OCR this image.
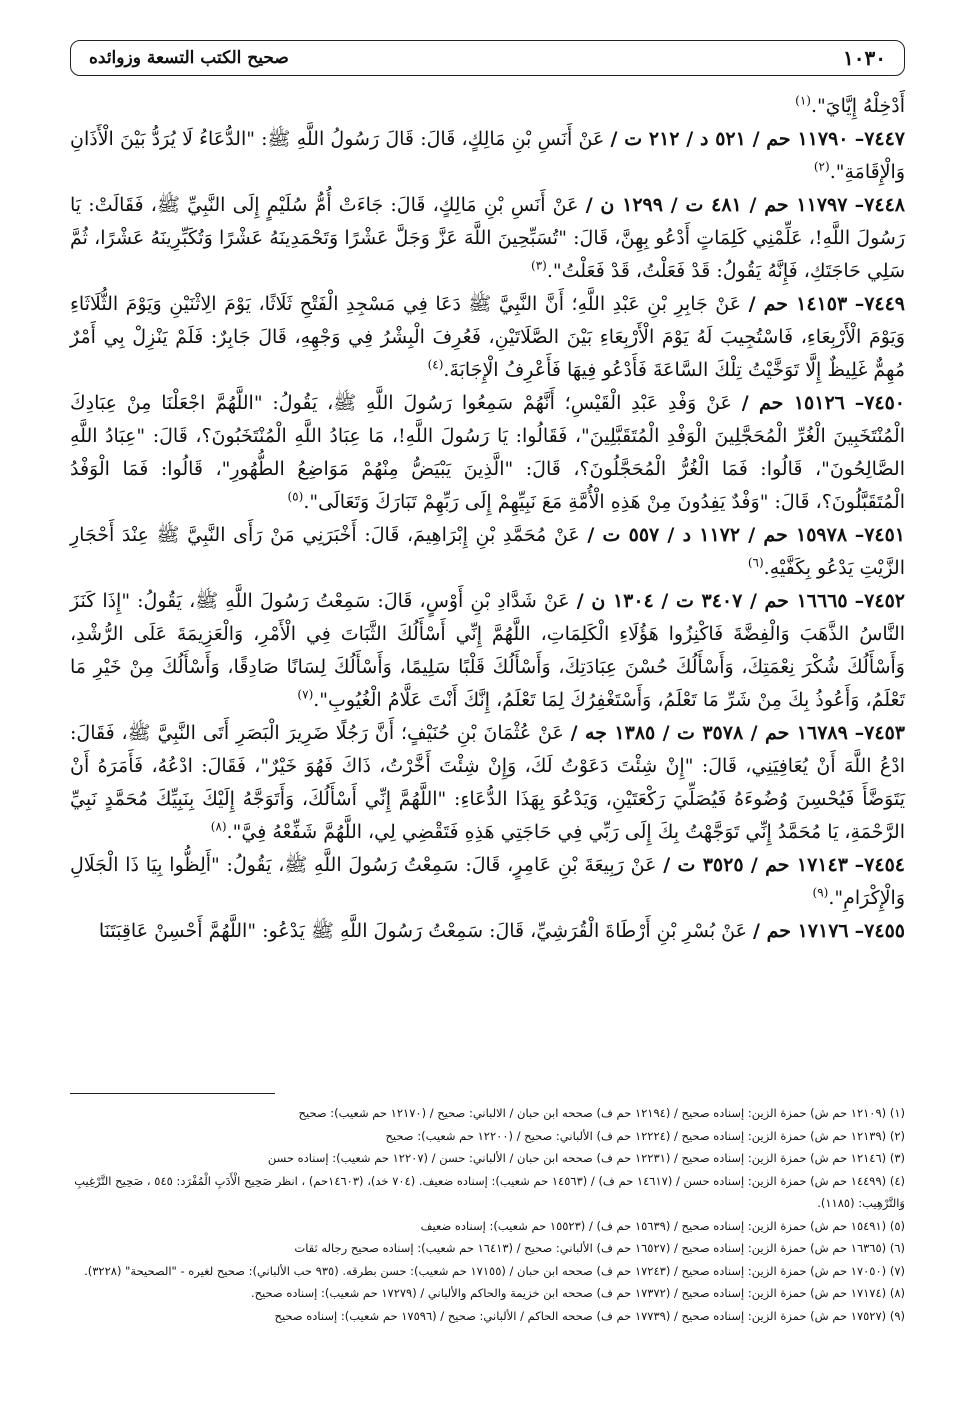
١٠٣٠
صحيح الكتب التسعة وزوائده

أَدْخِلْهُ إِيَّايَ".$^{(١)}$

٧٤٤٧– ١١٧٩٠ حم / ٥٢١ د / ٢١٢ ت / عَنْ أَنَسِ بْنِ مَالِكٍ، قَالَ: قَالَ رَسُولُ اللَّهِ ﷺ: "الدُّعَاءُ لَا يُرَدُّ بَيْنَ الْأَذَانِ وَالْإِقَامَةِ".$^{(٢)}$

٧٤٤٨– ١١٧٩٧ حم / ٤٨١ ت / ١٢٩٩ ن / عَنْ أَنَسِ بْنِ مَالِكٍ، قَالَ: جَاءَتْ أُمُّ سُلَيْمٍ إِلَى النَّبِيِّ ﷺ، فَقَالَتْ: يَا رَسُولَ اللَّهِ!، عَلِّمْنِي كَلِمَاتٍ أَدْعُو بِهِنَّ، قَالَ: "تُسَبِّحِينَ اللَّهَ عَزَّ وَجَلَّ عَشْرًا وَتَحْمَدِينَهُ عَشْرًا وَتُكَبِّرِينَهُ عَشْرًا، ثُمَّ سَلِي حَاجَتَكِ، فَإِنَّهُ يَقُولُ: قَدْ فَعَلْتُ، قَدْ فَعَلْتُ".$^{(٣)}$

٧٤٤٩– ١٤١٥٣ حم / عَنْ جَابِرِ بْنِ عَبْدِ اللَّهِ؛ أَنَّ النَّبِيَّ ﷺ دَعَا فِي مَسْجِدِ الْفَتْحِ ثَلَاثًا، يَوْمَ الِاثْنَيْنِ وَيَوْمَ الثُّلَاثَاءِ وَيَوْمَ الْأَرْبِعَاءِ، فَاسْتُجِيبَ لَهُ يَوْمَ الْأَرْبِعَاءِ بَيْنَ الصَّلَاتَيْنِ، فَعُرِفَ الْبِشْرُ فِي وَجْهِهِ، قَالَ جَابِرٌ: فَلَمْ يَنْزِلْ بِي أَمْرٌ مُهِمٌّ غَلِيظٌ إِلَّا تَوَخَّيْتُ تِلْكَ السَّاعَةَ فَأَدْعُو فِيهَا فَأَعْرِفُ الْإِجَابَةَ.$^{(٤)}$

٧٤٥٠– ١٥١٢٦ حم / عَنْ وَفْدِ عَبْدِ الْقَيْسِ؛ أَنَّهُمْ سَمِعُوا رَسُولَ اللَّهِ ﷺ، يَقُولُ: "اللَّهُمَّ اجْعَلْنَا مِنْ عِبَادِكَ الْمُنْتَخَبِينَ الْغُرِّ الْمُحَجَّلِينَ الْوَفْدِ الْمُتَقَبَّلِينَ"، فَقَالُوا: يَا رَسُولَ اللَّهِ!، مَا عِبَادُ اللَّهِ الْمُنْتَخَبُونَ؟، قَالَ: "عِبَادُ اللَّهِ الصَّالِحُونَ"، قَالُوا: فَمَا الْغُرُّ الْمُحَجَّلُونَ؟، قَالَ: "الَّذِينَ يَبْيَضُّ مِنْهُمْ مَوَاضِعُ الطُّهُورِ"، قَالُوا: فَمَا الْوَفْدُ الْمُتَقَبَّلُونَ؟، قَالَ: "وَفْدٌ يَفِدُونَ مِنْ هَذِهِ الْأُمَّةِ مَعَ نَبِيِّهِمْ إِلَى رَبِّهِمْ تَبَارَكَ وَتَعَالَى".$^{(٥)}$

٧٤٥١– ١٥٩٧٨ حم / ١١٧٢ د / ٥٥٧ ت / عَنْ مُحَمَّدِ بْنِ إِبْرَاهِيمَ، قَالَ: أَخْبَرَنِي مَنْ رَأَى النَّبِيَّ ﷺ عِنْدَ أَحْجَارِ الزَّيْتِ يَدْعُو بِكَفَّيْهِ.$^{(٦)}$

٧٤٥٢– ١٦٦٦٥ حم / ٣٤٠٧ ت / ١٣٠٤ ن / عَنْ شَدَّادِ بْنِ أَوْسٍ، قَالَ: سَمِعْتُ رَسُولَ اللَّهِ ﷺ، يَقُولُ: "إِذَا كَنَزَ النَّاسُ الذَّهَبَ وَالْفِضَّةَ فَاكْنِزُوا هَؤُلَاءِ الْكَلِمَاتِ، اللَّهُمَّ إِنِّي أَسْأَلُكَ الثَّبَاتَ فِي الْأَمْرِ، وَالْعَزِيمَةَ عَلَى الرُّشْدِ، وَأَسْأَلُكَ شُكْرَ نِعْمَتِكَ، وَأَسْأَلُكَ حُسْنَ عِبَادَتِكَ، وَأَسْأَلُكَ قَلْبًا سَلِيمًا، وَأَسْأَلُكَ لِسَانًا صَادِقًا، وَأَسْأَلُكَ مِنْ خَيْرِ مَا تَعْلَمُ، وَأَعُوذُ بِكَ مِنْ شَرِّ مَا تَعْلَمُ، وَأَسْتَغْفِرُكَ لِمَا تَعْلَمُ، إِنَّكَ أَنْتَ عَلَّامُ الْغُيُوبِ".$^{(٧)}$

٧٤٥٣– ١٦٧٨٩ حم / ٣٥٧٨ ت / ١٣٨٥ جه / عَنْ عُثْمَانَ بْنِ حُنَيْفٍ؛ أَنَّ رَجُلًا ضَرِيرَ الْبَصَرِ أَتَى النَّبِيَّ ﷺ، فَقَالَ: ادْعُ اللَّهَ أَنْ يُعَافِيَنِي، قَالَ: "إِنْ شِئْتَ دَعَوْتُ لَكَ، وَإِنْ شِئْتَ أَخَّرْتُ، ذَاكَ فَهُوَ خَيْرٌ"، فَقَالَ: ادْعُهُ، فَأَمَرَهُ أَنْ يَتَوَضَّأَ فَيُحْسِنَ وُضُوءَهُ فَيُصَلِّيَ رَكْعَتَيْنِ، وَيَدْعُوَ بِهَذَا الدُّعَاءِ: "اللَّهُمَّ إِنِّي أَسْأَلُكَ، وَأَتَوَجَّهُ إِلَيْكَ بِنَبِيِّكَ مُحَمَّدٍ نَبِيِّ الرَّحْمَةِ، يَا مُحَمَّدُ إِنِّي تَوَجَّهْتُ بِكَ إِلَى رَبِّي فِي حَاجَتِي هَذِهِ فَتَقْضِي لِي، اللَّهُمَّ شَفِّعْهُ فِيَّ".$^{(٨)}$

٧٤٥٤– ١٧١٤٣ حم / ٣٥٢٥ ت / عَنْ رَبِيعَةَ بْنِ عَامِرٍ، قَالَ: سَمِعْتُ رَسُولَ اللَّهِ ﷺ، يَقُولُ: "أَلِظُّوا بِيَا ذَا الْجَلَالِ وَالْإِكْرَامِ".$^{(٩)}$

٧٤٥٥– ١٧١٧٦ حم / عَنْ بُسْرِ بْنِ أَرْطَاةَ الْقُرَشِيِّ، قَالَ: سَمِعْتُ رَسُولَ اللَّهِ ﷺ يَدْعُو: "اللَّهُمَّ أَحْسِنْ عَاقِبَتَنَا

(١) (١٢١٠٩ حم ش) حمزة الزين: إسناده صحيح / (١٢١٩٤ حم ف) صححه ابن حبان / الالباني: صحيح / (١٢١٧٠ حم شعيب): صحيح
(٢) (١٢١٣٩ حم ش) حمزة الزين: إسناده صحيح / (١٢٢٢٤ حم ف) الألباني: صحيح / (١٢٢٠٠ حم شعيب): صحيح
(٣) (١٢١٤٦ حم ش) حمزة الزين: إسناده صحيح / (١٢٢٣١ حم ف) صححه ابن حبان / الألباني: حسن / (١٢٢٠٧ حم شعيب): إسناده حسن
(٤) (١٤٤٩٩ حم ش) حمزة الزين: إسناده حسن / (١٤٦١٧ حم ف) / (١٤٥٦٣ حم شعيب): إسناده ضعيف. (٧٠٤ خد)، (١٤٦٠٣حم) ، انظر صَحِيح الْأَدَبِ الْمُفْرَد: ٥٤٥ ، صَحِيح التَّرْغِيبِ وَالتَّرْهِيب: (١١٨٥).
(٥) (١٥٤٩١ حم ش) حمزة الزين: إسناده صحيح / (١٥٦٣٩ حم ف) / (١٥٥٢٣ حم شعيب): إسناده ضعيف
(٦) (١٦٣٦٥ حم ش) حمزة الزين: إسناده صحيح / (١٦٥٢٧ حم ف) الألباني: صحيح / (١٦٤١٣ حم شعيب): إسناده صحيح رجاله ثقات
(٧) (١٧٠٥٠ حم ش) حمزة الزين: إسناده صحيح / (١٧٢٤٣ حم ف) صححه ابن حبان / (١٧١٥٥ حم شعيب): حسن بطرقه. (٩٣٥ حب الألباني): صحيح لغيره - "الصحيحة" (٣٢٢٨).
(٨) (١٧١٧٤ حم ش) حمزة الزين: إسناده صحيح / (١٧٣٧٢ حم ف) صححه ابن خزيمة والحاكم والألباني / (١٧٢٧٩ حم شعيب): إسناده صحيح.
(٩) (١٧٥٢٧ حم ش) حمزة الزين: إسناده صحيح / (١٧٧٣٩ حم ف) صححه الحاكم / الألباني: صحيح / (١٧٥٩٦ حم شعيب): إسناده صحيح
